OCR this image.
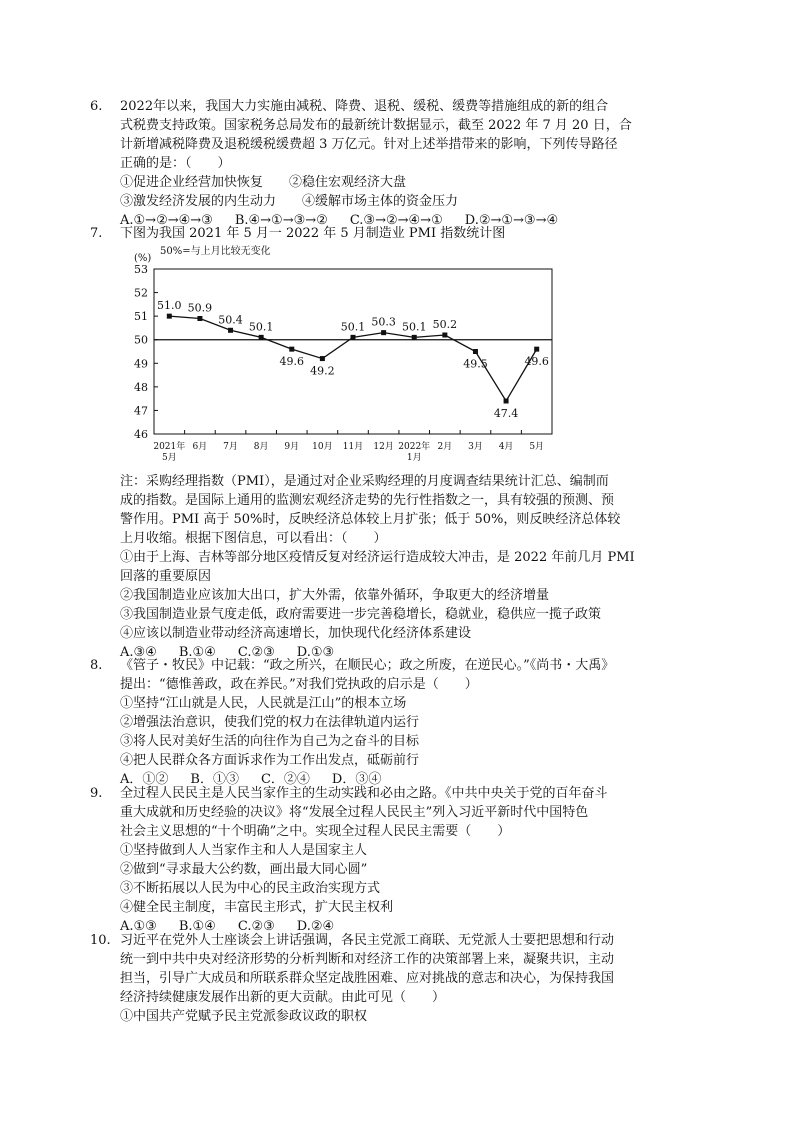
6. 2022年以来，我国大力实施由减税、降费、退税、缓税、缓费等措施组成的新的组合
式税费支持政策。国家税务总局发布的最新统计数据显示，截至 2022 年 7 月 20 日，合
计新增减税降费及退税缓税缓费超 3 万亿元。针对上述举措带来的影响，下列传导路径
正确的是：（　　）
①促进企业经营加快恢复　　②稳住宏观经济大盘
③激发经济发展的内生动力　　④缓解市场主体的资金压力
A.①→②→④→③ B.④→①→③→② C.③→②→④→① D.②→①→③→④
7. 下图为我国 2021 年 5 月一 2022 年 5 月制造业 PMI 指数统计图
50%=与上月比较无变化
(%)
46
47
48
49
50
51
52
53
51.0 50.9
50.4
50.1
49.6
49.2
50.1 50.3 50.1 50.2
49.5
47.4
49.6
2021年
5月
6月 7月 8月 9月 10月 11月 12月 2022年
1月
2月 3月 4月 5月
注：采购经理指数（PMI），是通过对企业采购经理的月度调查结果统计汇总、编制而
成的指数。是国际上通用的监测宏观经济走势的先行性指数之一，具有较强的预测、预
警作用。PMI 高于 50%时，反映经济总体较上月扩张；低于 50%，则反映经济总体较
上月收缩。根据下图信息，可以看出：（　　）
①由于上海、吉林等部分地区疫情反复对经济运行造成较大冲击，是 2022 年前几月 PMI
回落的重要原因
②我国制造业应该加大出口，扩大外需，依靠外循环，争取更大的经济增量
③我国制造业景气度走低，政府需要进一步完善稳增长，稳就业，稳供应一揽子政策
④应该以制造业带动经济高速增长，加快现代化经济体系建设
A.③④ B.①④ C.②③ D.①③
8. 《管子・牧民》中记载：“政之所兴，在顺民心；政之所废，在逆民心。”《尚书・大禹》
提出：“德惟善政，政在养民。”对我们党执政的启示是（　　）
①坚持“江山就是人民，人民就是江山”的根本立场
②增强法治意识，使我们党的权力在法律轨道内运行
③将人民对美好生活的向往作为自己为之奋斗的目标
④把人民群众各方面诉求作为工作出发点，砥砺前行
A．①② B．①③ C．②④ D．③④
9. 全过程人民民主是人民当家作主的生动实践和必由之路。《中共中央关于党的百年奋斗
重大成就和历史经验的决议》将“发展全过程人民民主”列入习近平新时代中国特色
社会主义思想的“十个明确”之中。实现全过程人民民主需要（　　）
①坚持做到人人当家作主和人人是国家主人
②做到“寻求最大公约数，画出最大同心圆”
③不断拓展以人民为中心的民主政治实现方式
④健全民主制度，丰富民主形式，扩大民主权利
A.①③ B.①④ C.②③ D.②④
10. 习近平在党外人士座谈会上讲话强调，各民主党派工商联、无党派人士要把思想和行动
统一到中共中央对经济形势的分析判断和对经济工作的决策部署上来，凝聚共识，主动
担当，引导广大成员和所联系群众坚定战胜困难、应对挑战的意志和决心，为保持我国
经济持续健康发展作出新的更大贡献。由此可见（　　）
①中国共产党赋予民主党派参政议政的职权
